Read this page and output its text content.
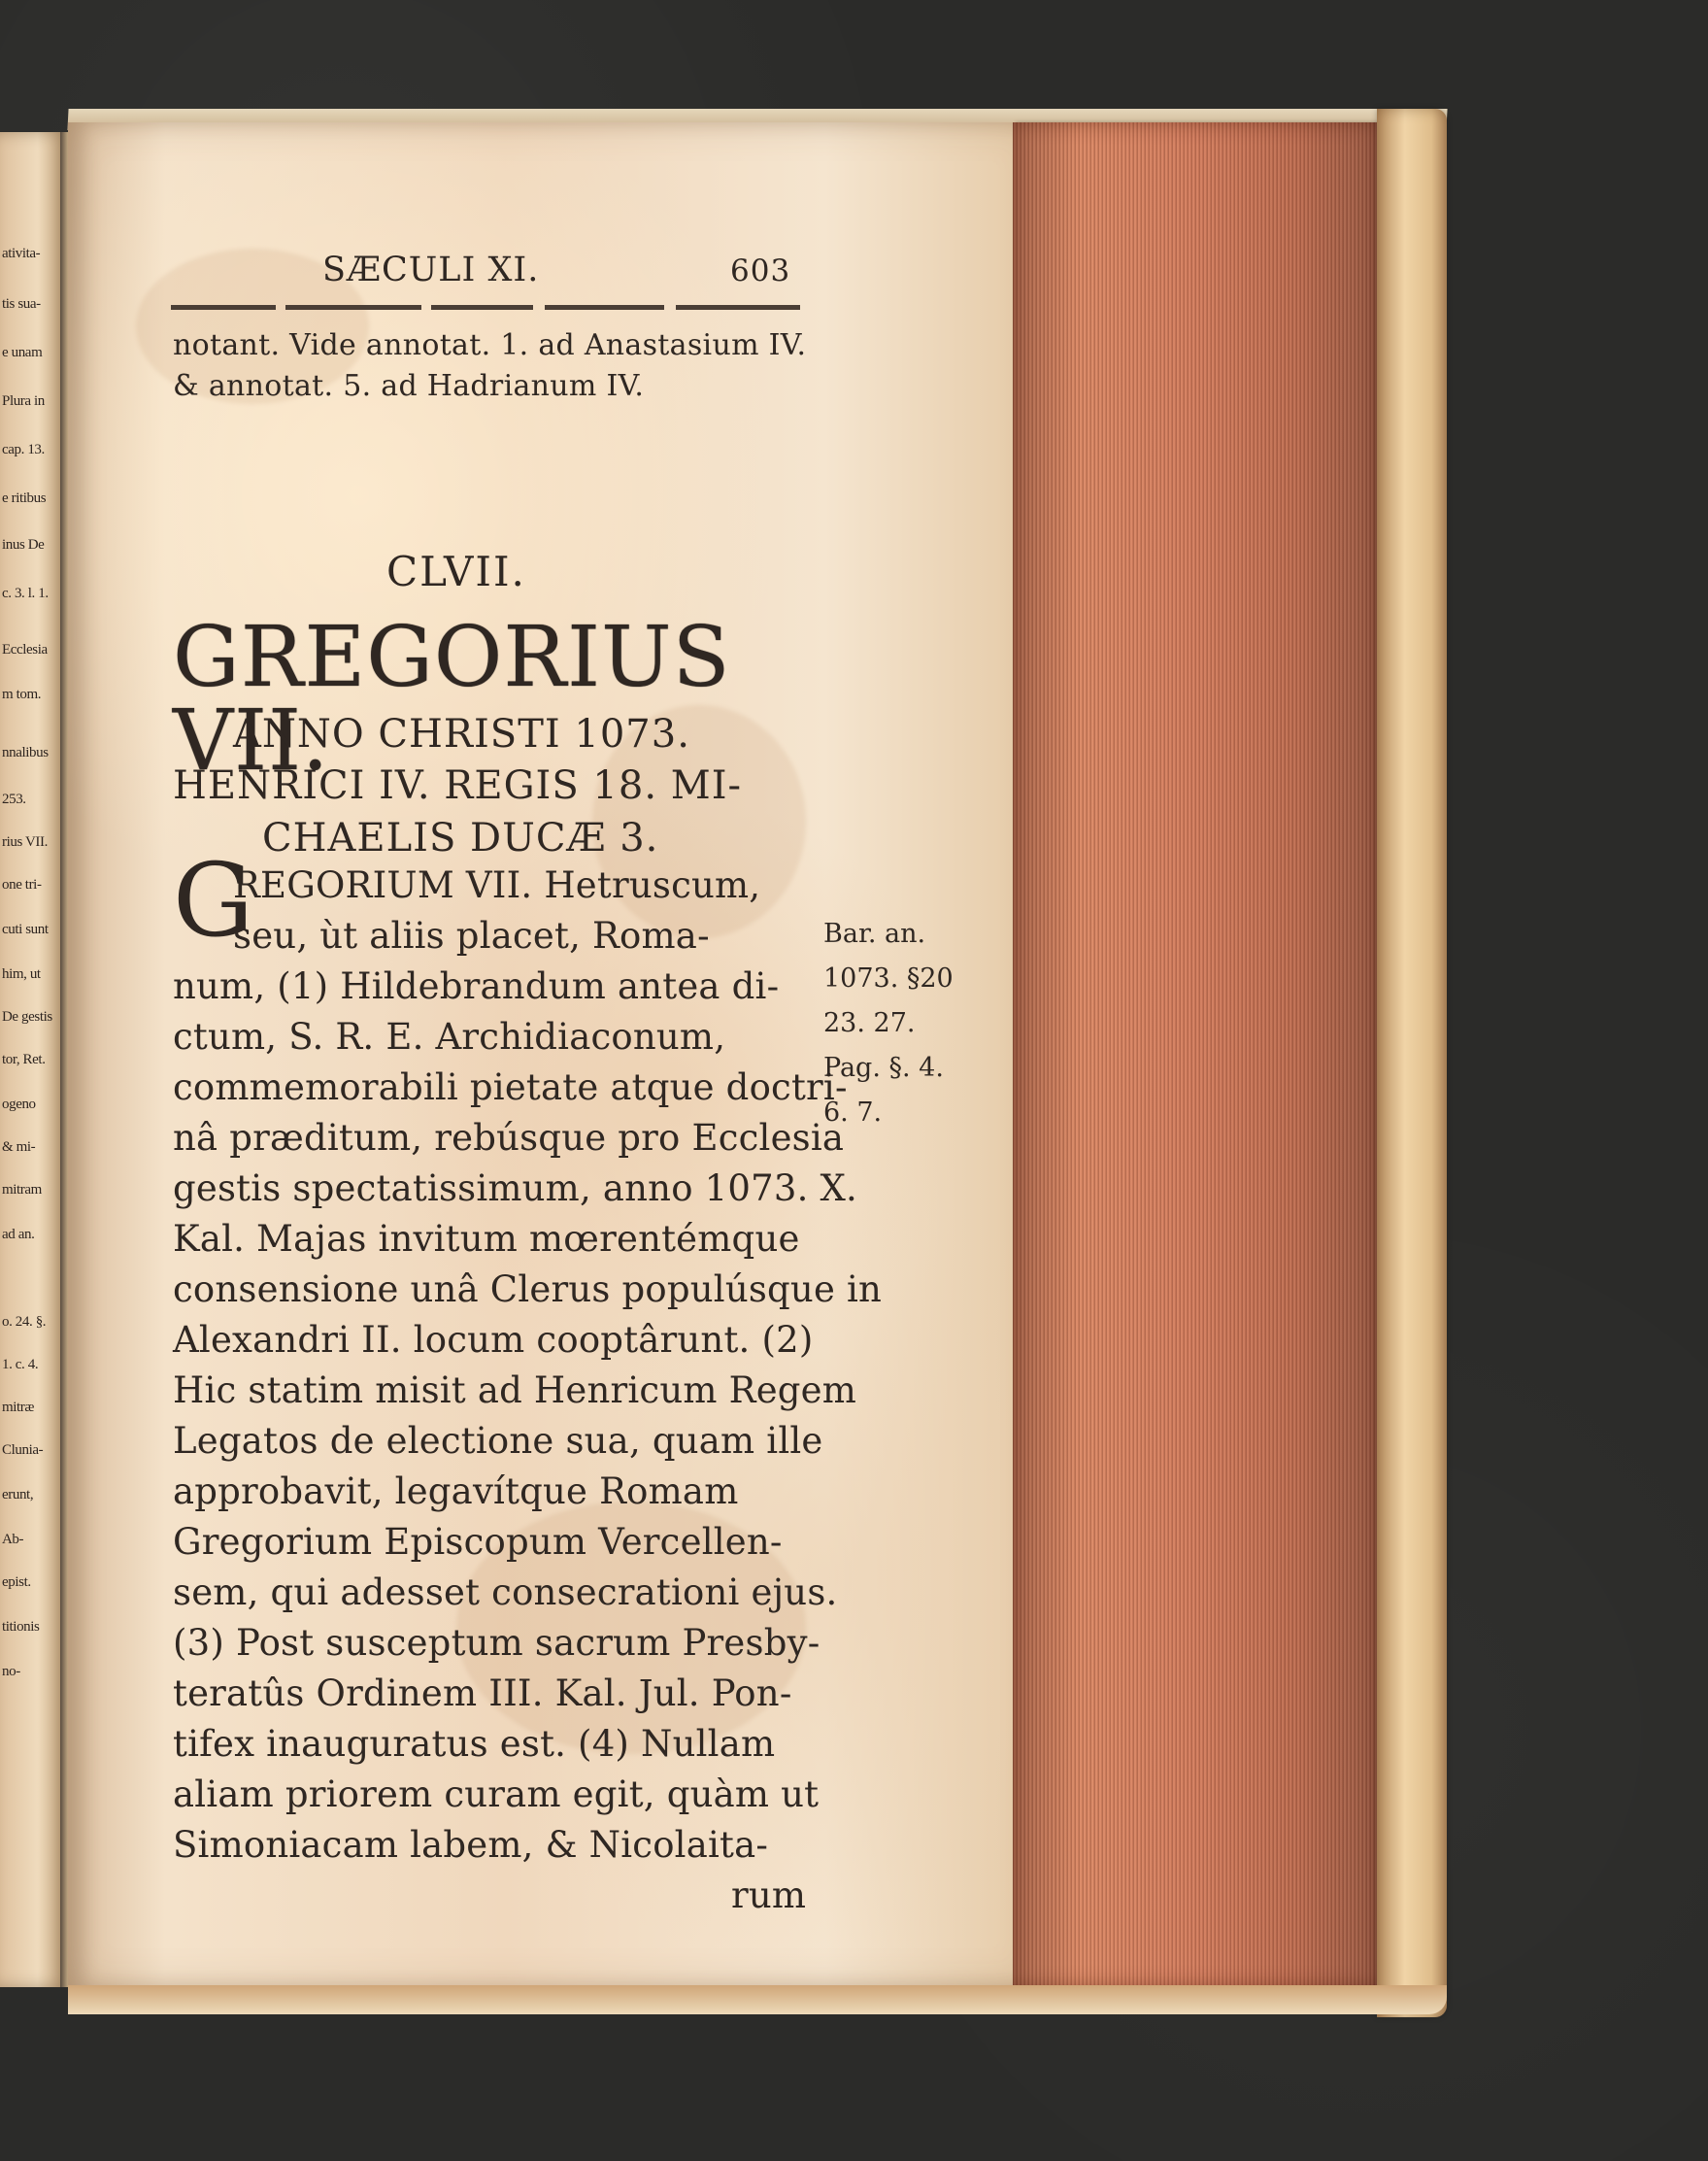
ativita-
tis sua-
e unam
Plura in
cap. 13.
e ritibus
inus De
c. 3. l. 1.
Ecclesia
m tom.
nnalibus
253.
rius VII.
one tri-
cuti sunt
him, ut
De gestis
tor, Ret.
ogeno
& mi-
mitram
ad an.
o. 24. §.
1. c. 4.
mitræ
Clunia-
erunt,
Ab-
epist.
titionis
no-
SÆCULI XI.	603
notant. Vide annotat. 1. ad Anastasium IV.
& annotat. 5. ad Hadrianum IV.
CLVII.
GREGORIUS VII.
ANNO CHRISTI 1073.
HENRICI IV. REGIS 18. MI-
CHAELIS DUCÆ 3.
G
REGORIUM VII. Hetruscum,
seu, ùt aliis placet, Roma-
num, (1) Hildebrandum antea di-
ctum, S. R. E. Archidiaconum,
commemorabili pietate atque doctri-
nâ præditum, rebúsque pro Ecclesia
gestis spectatissimum, anno 1073. X.
Kal. Majas invitum mœrentémque
consensione unâ Clerus populúsque in
Alexandri II. locum cooptârunt. (2)
Hic statim misit ad Henricum Regem
Legatos de electione sua, quam ille
approbavit, legavítque Romam
Gregorium Episcopum Vercellen-
sem, qui adesset consecrationi ejus.
(3) Post susceptum sacrum Presby-
teratûs Ordinem III. Kal. Jul. Pon-
tifex inauguratus est. (4) Nullam
aliam priorem curam egit, quàm ut
Simoniacam labem, & Nicolaita-
rum
Bar. an.
1073. §20
23. 27.
Pag. §. 4.
6. 7.
